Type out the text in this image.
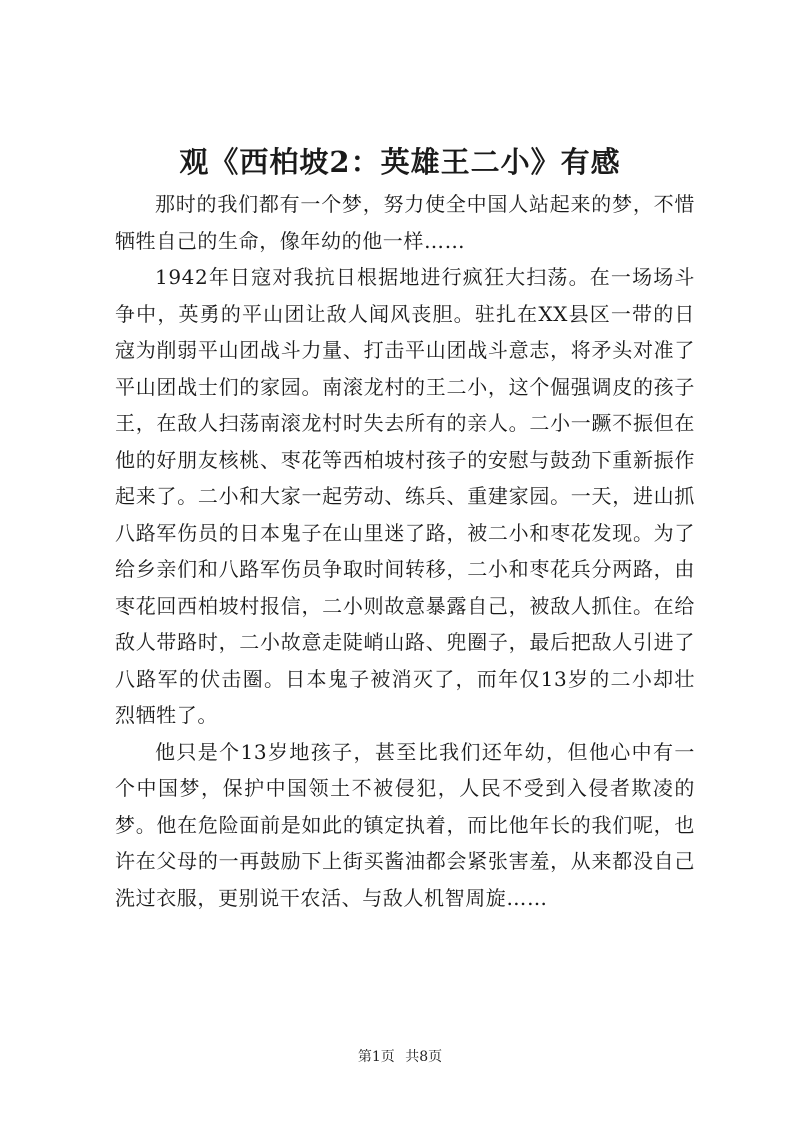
观《西柏坡2：英雄王二小》有感

那时的我们都有一个梦，努力使全中国人站起来的梦，不惜牺牲自己的生命，像年幼的他一样……

1942年日寇对我抗日根据地进行疯狂大扫荡。在一场场斗争中，英勇的平山团让敌人闻风丧胆。驻扎在XX县区一带的日寇为削弱平山团战斗力量、打击平山团战斗意志，将矛头对准了平山团战士们的家园。南滚龙村的王二小，这个倔强调皮的孩子王，在敌人扫荡南滚龙村时失去所有的亲人。二小一蹶不振但在他的好朋友核桃、枣花等西柏坡村孩子的安慰与鼓劲下重新振作起来了。二小和大家一起劳动、练兵、重建家园。一天，进山抓八路军伤员的日本鬼子在山里迷了路，被二小和枣花发现。为了给乡亲们和八路军伤员争取时间转移，二小和枣花兵分两路，由枣花回西柏坡村报信，二小则故意暴露自己，被敌人抓住。在给敌人带路时，二小故意走陡峭山路、兜圈子，最后把敌人引进了八路军的伏击圈。日本鬼子被消灭了，而年仅13岁的二小却壮烈牺牲了。

他只是个13岁地孩子，甚至比我们还年幼，但他心中有一个中国梦，保护中国领土不被侵犯，人民不受到入侵者欺凌的梦。他在危险面前是如此的镇定执着，而比他年长的我们呢，也许在父母的一再鼓励下上街买酱油都会紧张害羞，从来都没自己洗过衣服，更别说干农活、与敌人机智周旋……

第1页 共8页
